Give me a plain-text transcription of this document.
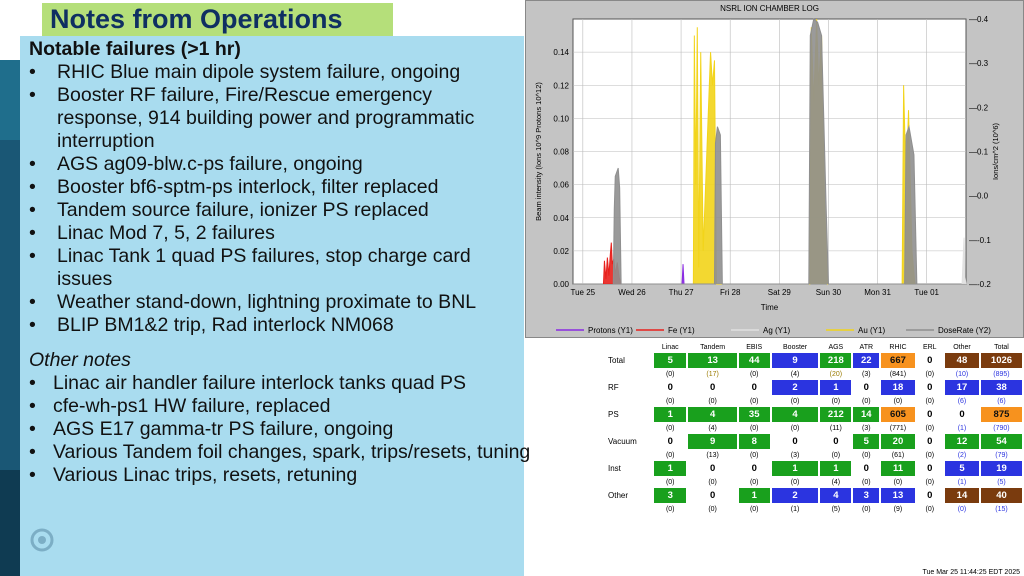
Notes from Operations
Notable failures (>1 hr)
• RHIC Blue main dipole system failure, ongoing
• Booster RF failure, Fire/Rescue emergency response, 914 building power and programmatic interruption
• AGS ag09-blw.c-ps failure, ongoing
• Booster bf6-sptm-ps interlock, filter replaced
• Tandem source failure, ionizer PS replaced
• Linac Mod 7, 5, 2 failures
• Linac Tank 1 quad PS failures, stop charge card issues
• Weather stand-down, lightning proximate to BNL
• BLIP BM1&2 trip, Rad interlock NM068
Other notes
• Linac air handler failure interlock tanks quad PS
• cfe-wh-ps1 HW failure, replaced
• AGS E17 gamma-tr PS failure, ongoing
• Various Tandem foil changes, spark, trips/resets, tuning
• Various Linac trips, resets, retuning
0.00
0.02
0.04
0.06
0.08
0.10
0.12
0.14
—-0.2
—-0.1
—0.0
—0.1
—0.2
—0.3
—0.4
Tue 25	Wed 26	Thu 27	Fri 28	Sat 29	Sun 30	Mon 31	Tue 01
NSRL ION CHAMBER LOG
Time
Beam intensity (Ions 10^9 Protons 10^12)	Ions/cm^2 (10^6)
Protons (Y1)	Fe (Y1)	Ag (Y1)	Au (Y1)	DoseRate (Y2)
	Linac	Tandem	EBIS	Booster	AGS	ATR	RHIC	ERL	Other	Total
Total	5	13	44	9	218	22	667	0	48	1026
	(0)	(17)	(0)	(4)	(20)	(3)	(841)	(0)	(10)	(895)
RF	0	0	0	2	1	0	18	0	17	38
	(0)	(0)	(0)	(0)	(0)	(0)	(0)	(0)	(6)	(6)
PS	1	4	35	4	212	14	605	0	0	875
	(0)	(4)	(0)	(0)	(11)	(3)	(771)	(0)	(1)	(790)
Vacuum	0	9	8	0	0	5	20	0	12	54
	(0)	(13)	(0)	(3)	(0)	(0)	(61)	(0)	(2)	(79)
Inst	1	0	0	1	1	0	11	0	5	19
	(0)	(0)	(0)	(0)	(4)	(0)	(0)	(0)	(1)	(5)
Other	3	0	1	2	4	3	13	0	14	40
	(0)	(0)	(0)	(1)	(5)	(0)	(9)	(0)	(0)	(15)
Tue Mar 25 11:44:25 EDT 2025
